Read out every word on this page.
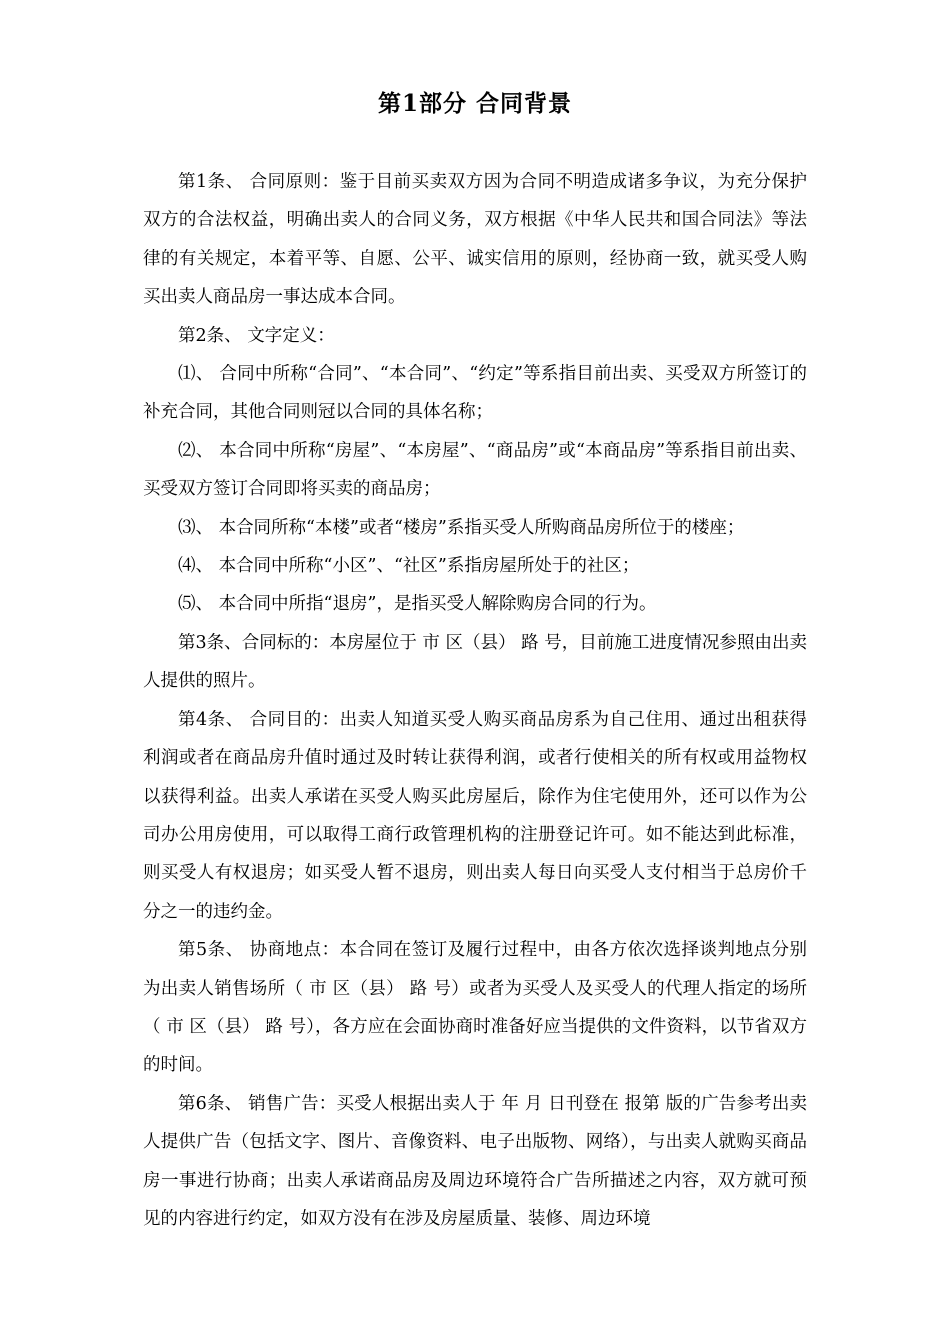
第1部分 合同背景

第1条、 合同原则：鉴于目前买卖双方因为合同不明造成诸多争议，为充分保护双方的合法权益，明确出卖人的合同义务，双方根据《中华人民共和国合同法》等法律的有关规定，本着平等、自愿、公平、诚实信用的原则，经协商一致，就买受人购买出卖人商品房一事达成本合同。

第2条、 文字定义：

⑴、 合同中所称“合同”、“本合同”、“约定”等系指目前出卖、买受双方所签订的补充合同，其他合同则冠以合同的具体名称；

⑵、 本合同中所称“房屋”、“本房屋”、“商品房”或“本商品房”等系指目前出卖、买受双方签订合同即将买卖的商品房；

⑶、 本合同所称“本楼”或者“楼房”系指买受人所购商品房所位于的楼座；

⑷、 本合同中所称“小区”、“社区”系指房屋所处于的社区；

⑸、 本合同中所指“退房”，是指买受人解除购房合同的行为。

第3条、合同标的：本房屋位于 市 区（县） 路 号，目前施工进度情况参照由出卖人提供的照片。

第4条、 合同目的：出卖人知道买受人购买商品房系为自己住用、通过出租获得利润或者在商品房升值时通过及时转让获得利润，或者行使相关的所有权或用益物权以获得利益。出卖人承诺在买受人购买此房屋后，除作为住宅使用外，还可以作为公司办公用房使用，可以取得工商行政管理机构的注册登记许可。如不能达到此标准，则买受人有权退房；如买受人暂不退房，则出卖人每日向买受人支付相当于总房价千分之一的违约金。

第5条、 协商地点：本合同在签订及履行过程中，由各方依次选择谈判地点分别为出卖人销售场所（ 市 区（县） 路 号）或者为买受人及买受人的代理人指定的场所（ 市 区（县） 路 号），各方应在会面协商时准备好应当提供的文件资料，以节省双方的时间。

第6条、 销售广告：买受人根据出卖人于 年 月 日刊登在 报第 版的广告参考出卖人提供广告（包括文字、图片、音像资料、电子出版物、网络），与出卖人就购买商品房一事进行协商；出卖人承诺商品房及周边环境符合广告所描述之内容，双方就可预见的内容进行约定，如双方没有在涉及房屋质量、装修、周边环境
